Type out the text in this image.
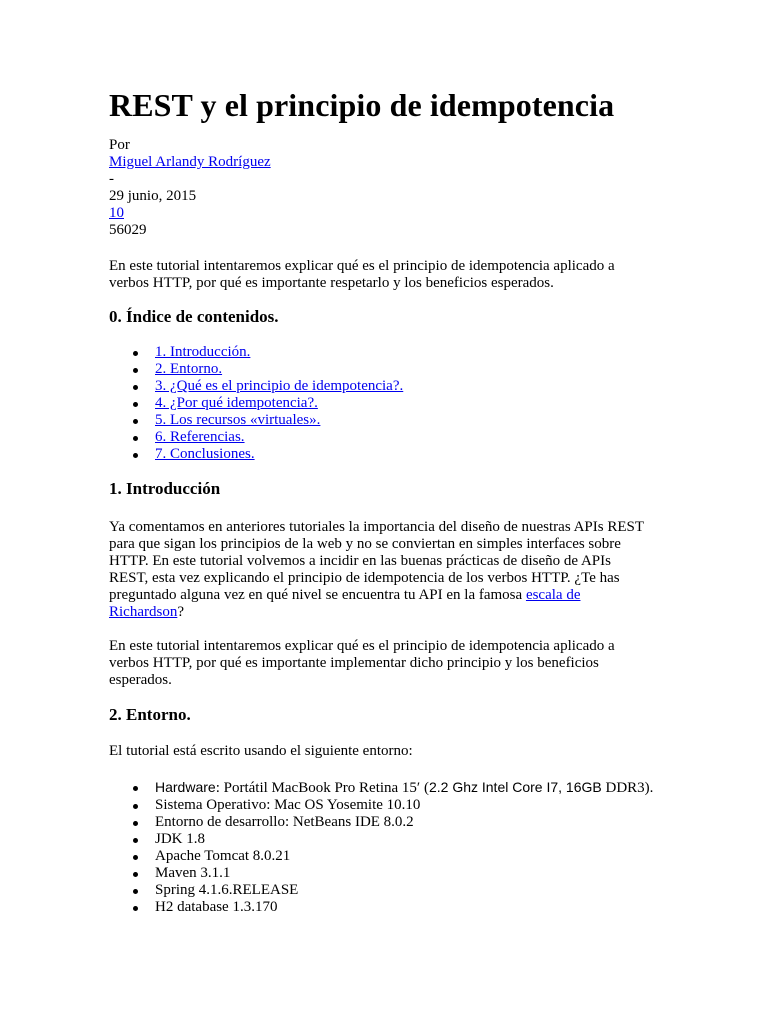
REST y el principio de idempotencia
Por
Miguel Arlandy Rodríguez
-
29 junio, 2015
10
56029

En este tutorial intentaremos explicar qué es el principio de idempotencia aplicado a verbos HTTP, por qué es importante respetarlo y los beneficios esperados.

0. Índice de contenidos.
1. Introducción.
2. Entorno.
3. ¿Qué es el principio de idempotencia?.
4. ¿Por qué idempotencia?.
5. Los recursos «virtuales».
6. Referencias.
7. Conclusiones.
1. Introducción

Ya comentamos en anteriores tutoriales la importancia del diseño de nuestras APIs REST para que sigan los principios de la web y no se conviertan en simples interfaces sobre HTTP. En este tutorial volvemos a incidir en las buenas prácticas de diseño de APIs REST, esta vez explicando el principio de idempotencia de los verbos HTTP. ¿Te has preguntado alguna vez en qué nivel se encuentra tu API en la famosa escala de Richardson?

En este tutorial intentaremos explicar qué es el principio de idempotencia aplicado a verbos HTTP, por qué es importante implementar dicho principio y los beneficios esperados.

2. Entorno.

El tutorial está escrito usando el siguiente entorno:

Hardware: Portátil MacBook Pro Retina 15′ (2.2 Ghz Intel Core I7, 16GB DDR3).
Sistema Operativo: Mac OS Yosemite 10.10
Entorno de desarrollo: NetBeans IDE 8.0.2
JDK 1.8
Apache Tomcat 8.0.21
Maven 3.1.1
Spring 4.1.6.RELEASE
H2 database 1.3.170
